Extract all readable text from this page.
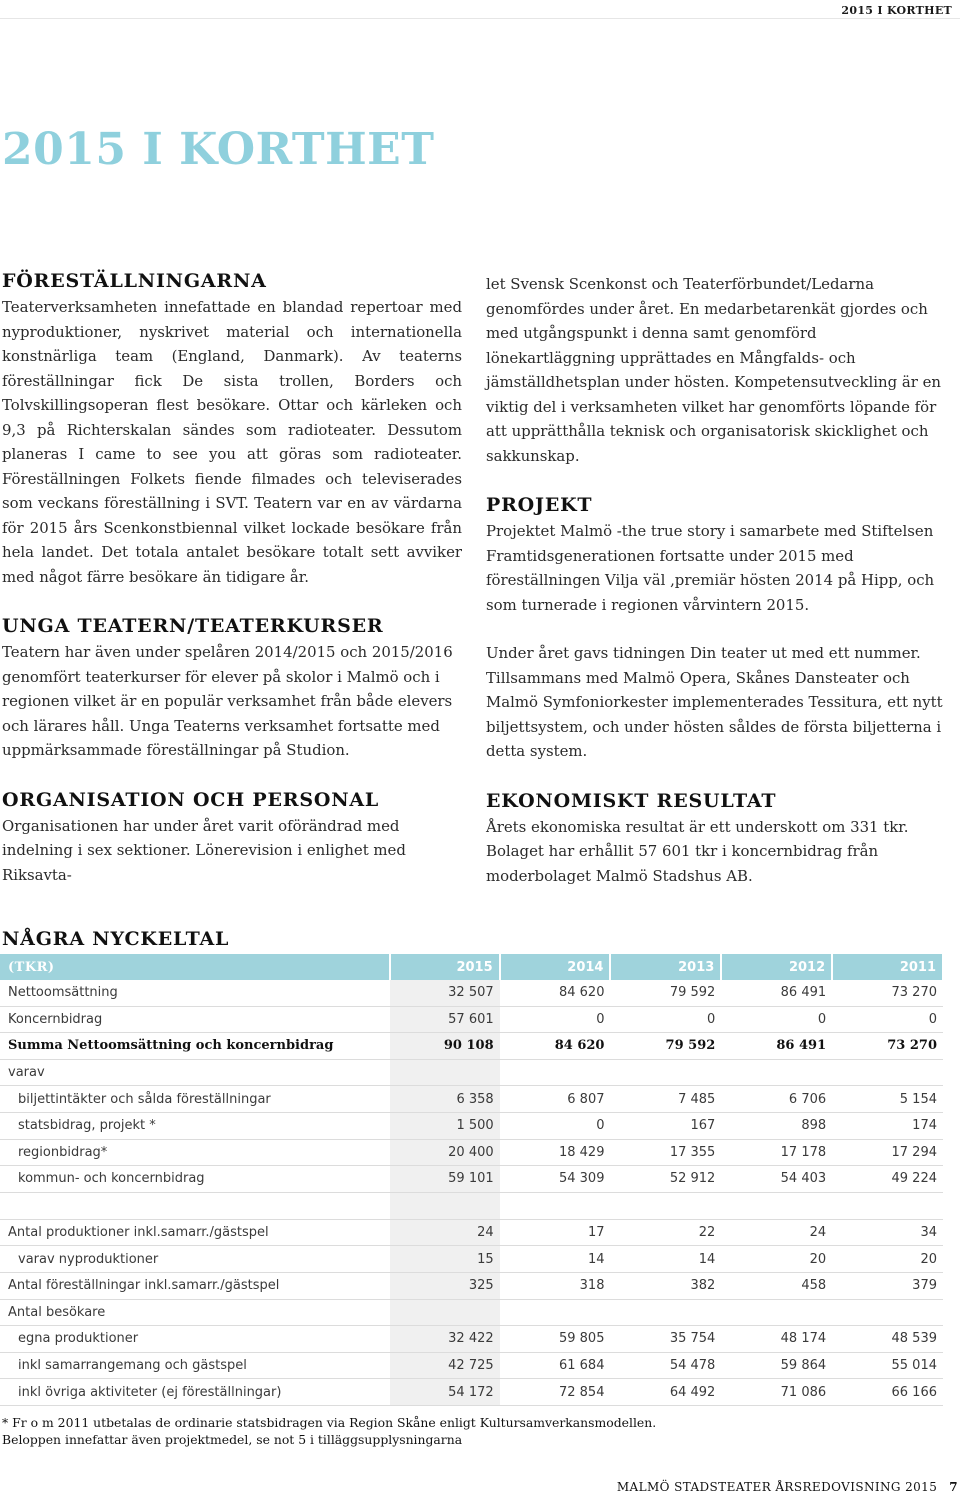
2015 I KORTHET

2015 I KORTHET
FÖRESTÄLLNINGARNA

Teaterverksamheten innefattade en blandad repertoar med nyproduktioner, nyskrivet material och internationella konstnärliga team (England, Danmark). Av teaterns föreställningar fick De sista trollen, Borders och Tolvskillingsoperan flest besökare. Ottar och kärleken och 9,3 på Richterskalan sändes som radioteater. Dessutom planeras I came to see you att göras som radioteater. Föreställningen Folkets fiende filmades och televiserades som veckans föreställning i SVT. Teatern var en av värdarna för 2015 års Scenkonstbiennal vilket lockade besökare från hela landet. Det totala antalet besökare totalt sett avviker med något färre besökare än tidigare år.

UNGA TEATERN/TEATERKURSER

Teatern har även under spelåren 2014/2015 och 2015/2016 genomfört teaterkurser för elever på skolor i Malmö och i regionen vilket är en populär verksamhet från både elevers och lärares håll. Unga Teaterns verksamhet fortsatte med uppmärksammade föreställningar på Studion.

ORGANISATION OCH PERSONAL

Organisationen har under året varit oförändrad med indelning i sex sektioner. Lönerevision i enlighet med Riksavta-

let Svensk Scenkonst och Teaterförbundet/Ledarna genomfördes under året. En medarbetarenkät gjordes och med utgångspunkt i denna samt genomförd lönekartläggning upprättades en Mångfalds- och jämställdhetsplan under hösten. Kompetensutveckling är en viktig del i verksamheten vilket har genomförts löpande för att upprätthålla teknisk och organisatorisk skicklighet och sakkunskap.

PROJEKT

Projektet Malmö -the true story i samarbete med Stiftelsen Framtidsgenerationen fortsatte under 2015 med föreställningen Vilja väl ,premiär hösten 2014 på Hipp, och som turnerade i regionen vårvintern 2015.

Under året gavs tidningen Din teater ut med ett nummer. Tillsammans med Malmö Opera, Skånes Dansteater och Malmö Symfoniorkester implementerades Tessitura, ett nytt biljettsystem, och under hösten såldes de första biljetterna i detta system.

EKONOMISKT RESULTAT

Årets ekonomiska resultat är ett underskott om 331 tkr. Bolaget har erhållit 57 601 tkr i koncernbidrag från moderbolaget Malmö Stadshus AB.

NÅGRA NYCKELTAL
(TKR)	2015	2014	2013	2012	2011
Nettoomsättning	32 507	84 620	79 592	86 491	73 270
Koncernbidrag	57 601	0	0	0	0
Summa Nettoomsättning och koncernbidrag	90 108	84 620	79 592	86 491	73 270
varav					
biljettintäkter och sålda föreställningar	6 358	6 807	7 485	6 706	5 154
statsbidrag, projekt *	1 500	0	167	898	174
regionbidrag*	20 400	18 429	17 355	17 178	17 294
kommun- och koncernbidrag	59 101	54 309	52 912	54 403	49 224

Antal produktioner inkl.samarr./gästspel	24	17	22	24	34
varav nyproduktioner	15	14	14	20	20
Antal föreställningar inkl.samarr./gästspel	325	318	382	458	379
Antal besökare					
egna produktioner	32 422	59 805	35 754	48 174	48 539
inkl samarrangemang och gästspel	42 725	61 684	54 478	59 864	55 014
inkl övriga aktiviteter (ej föreställningar)	54 172	72 854	64 492	71 086	66 166
* Fr o m 2011 utbetalas de ordinarie statsbidragen via Region Skåne enligt Kultursamverkansmodellen.
Beloppen innefattar även projektmedel, se not 5 i tilläggsupplysningarna

MALMÖ STADSTEATER ÅRSREDOVISNING 2015 7
